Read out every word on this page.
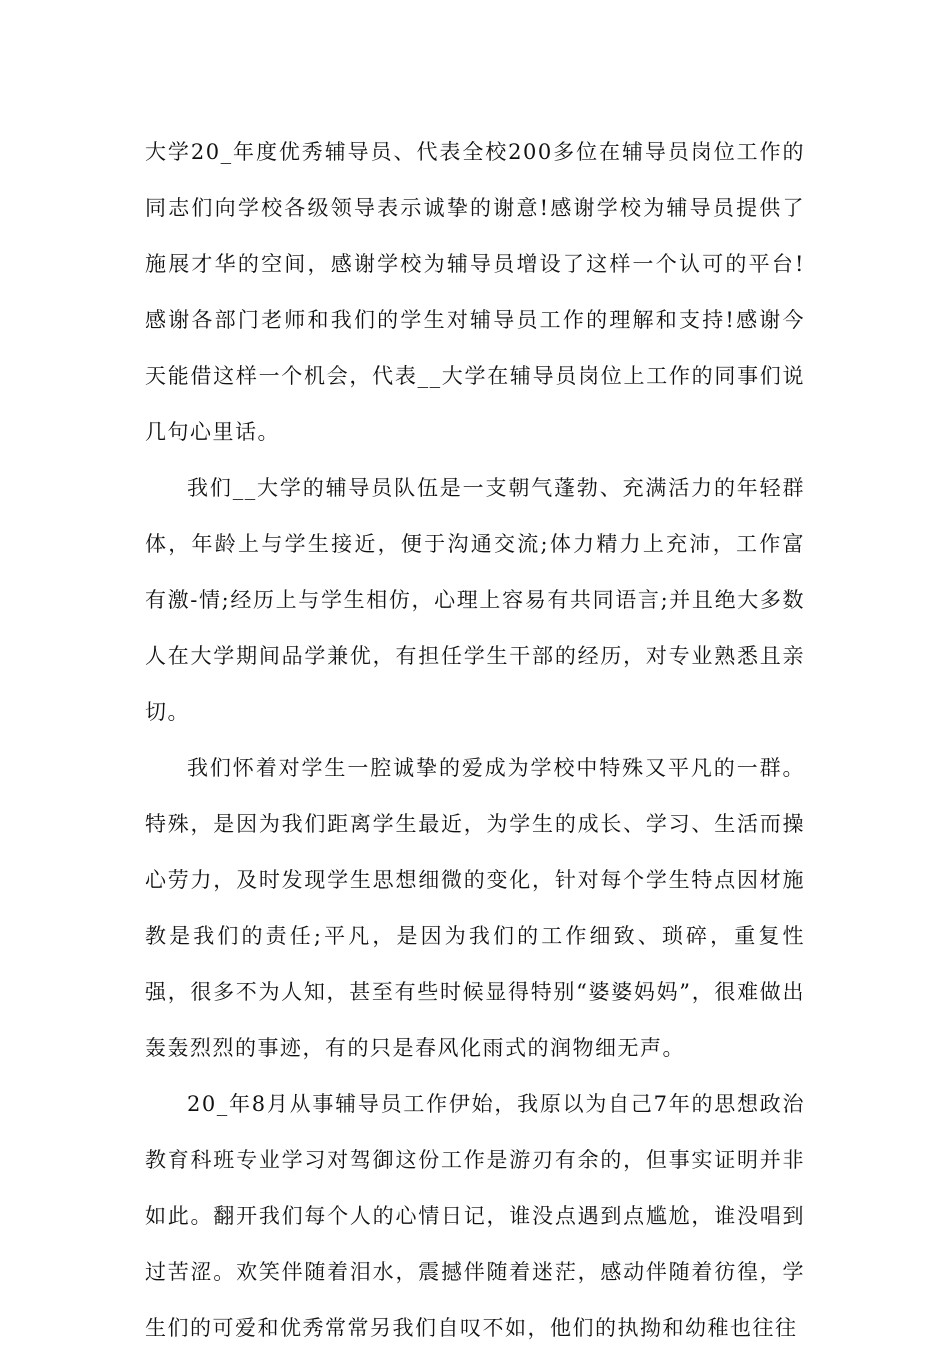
大学20_年度优秀辅导员、代表全校200多位在辅导员岗位工作的同志们向学校各级领导表示诚挚的谢意!感谢学校为辅导员提供了施展才华的空间，感谢学校为辅导员增设了这样一个认可的平台!感谢各部门老师和我们的学生对辅导员工作的理解和支持!感谢今天能借这样一个机会，代表__大学在辅导员岗位上工作的同事们说几句心里话。

我们__大学的辅导员队伍是一支朝气蓬勃、充满活力的年轻群体，年龄上与学生接近，便于沟通交流;体力精力上充沛，工作富有激-情;经历上与学生相仿，心理上容易有共同语言;并且绝大多数人在大学期间品学兼优，有担任学生干部的经历，对专业熟悉且亲切。

我们怀着对学生一腔诚挚的爱成为学校中特殊又平凡的一群。特殊，是因为我们距离学生最近，为学生的成长、学习、生活而操心劳力，及时发现学生思想细微的变化，针对每个学生特点因材施教是我们的责任;平凡，是因为我们的工作细致、琐碎，重复性强，很多不为人知，甚至有些时候显得特别“婆婆妈妈”，很难做出轰轰烈烈的事迹，有的只是春风化雨式的润物细无声。

20_年8月从事辅导员工作伊始，我原以为自己7年的思想政治教育科班专业学习对驾御这份工作是游刃有余的，但事实证明并非如此。翻开我们每个人的心情日记，谁没点遇到点尴尬，谁没唱到过苦涩。欢笑伴随着泪水，震撼伴随着迷茫，感动伴随着彷徨，学生们的可爱和优秀常常另我们自叹不如，他们的执拗和幼稚也往往
